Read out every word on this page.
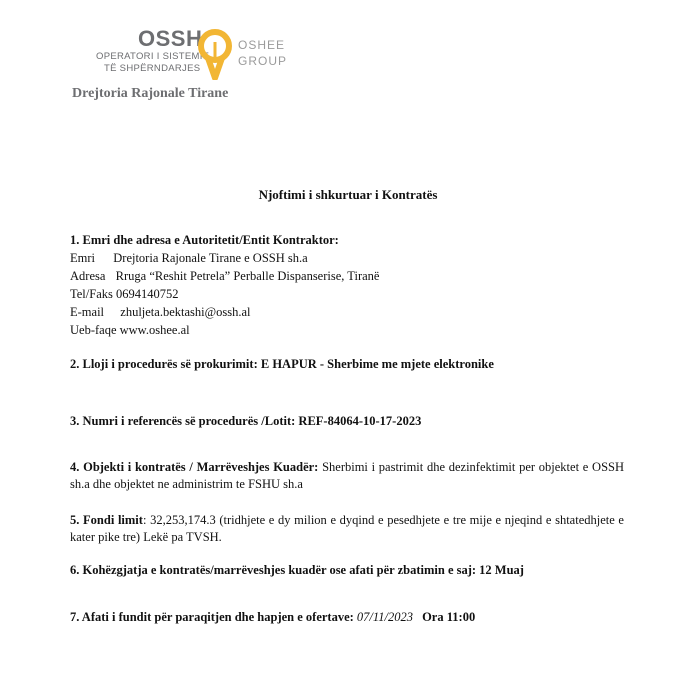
OSSH
OPERATORI I SISTEMIT
TË SHPËRNDARJES
OSHEE
GROUP
Drejtoria Rajonale Tirane
Njoftimi i shkurtuar i Kontratës
1. Emri dhe adresa e Autoritetit/Entit Kontraktor:
Emri Drejtoria Rajonale Tirane e OSSH sh.a
Adresa Rruga “Reshit Petrela” Perballe Dispanserise, Tiranë
Tel/Faks 0694140752
E-mail zhuljeta.bektashi@ossh.al
Ueb-faqe www.oshee.al
2. Lloji i procedurës së prokurimit: E HAPUR - Sherbime me mjete elektronike
3. Numri i referencës së procedurës /Lotit: REF-84064-10-17-2023
4. Objekti i kontratës / Marrëveshjes Kuadër: Sherbimi i pastrimit dhe dezinfektimit per objektet e OSSH sh.a dhe objektet ne administrim te FSHU sh.a
5. Fondi limit: 32,253,174.3 (tridhjete e dy milion e dyqind e pesedhjete e tre mije e njeqind e shtatedhjete e kater pike tre) Lekë pa TVSH.
6. Kohëzgjatja e kontratës/marrëveshjes kuadër ose afati për zbatimin e saj: 12 Muaj
7. Afati i fundit për paraqitjen dhe hapjen e ofertave: 07/11/2023 Ora 11:00
